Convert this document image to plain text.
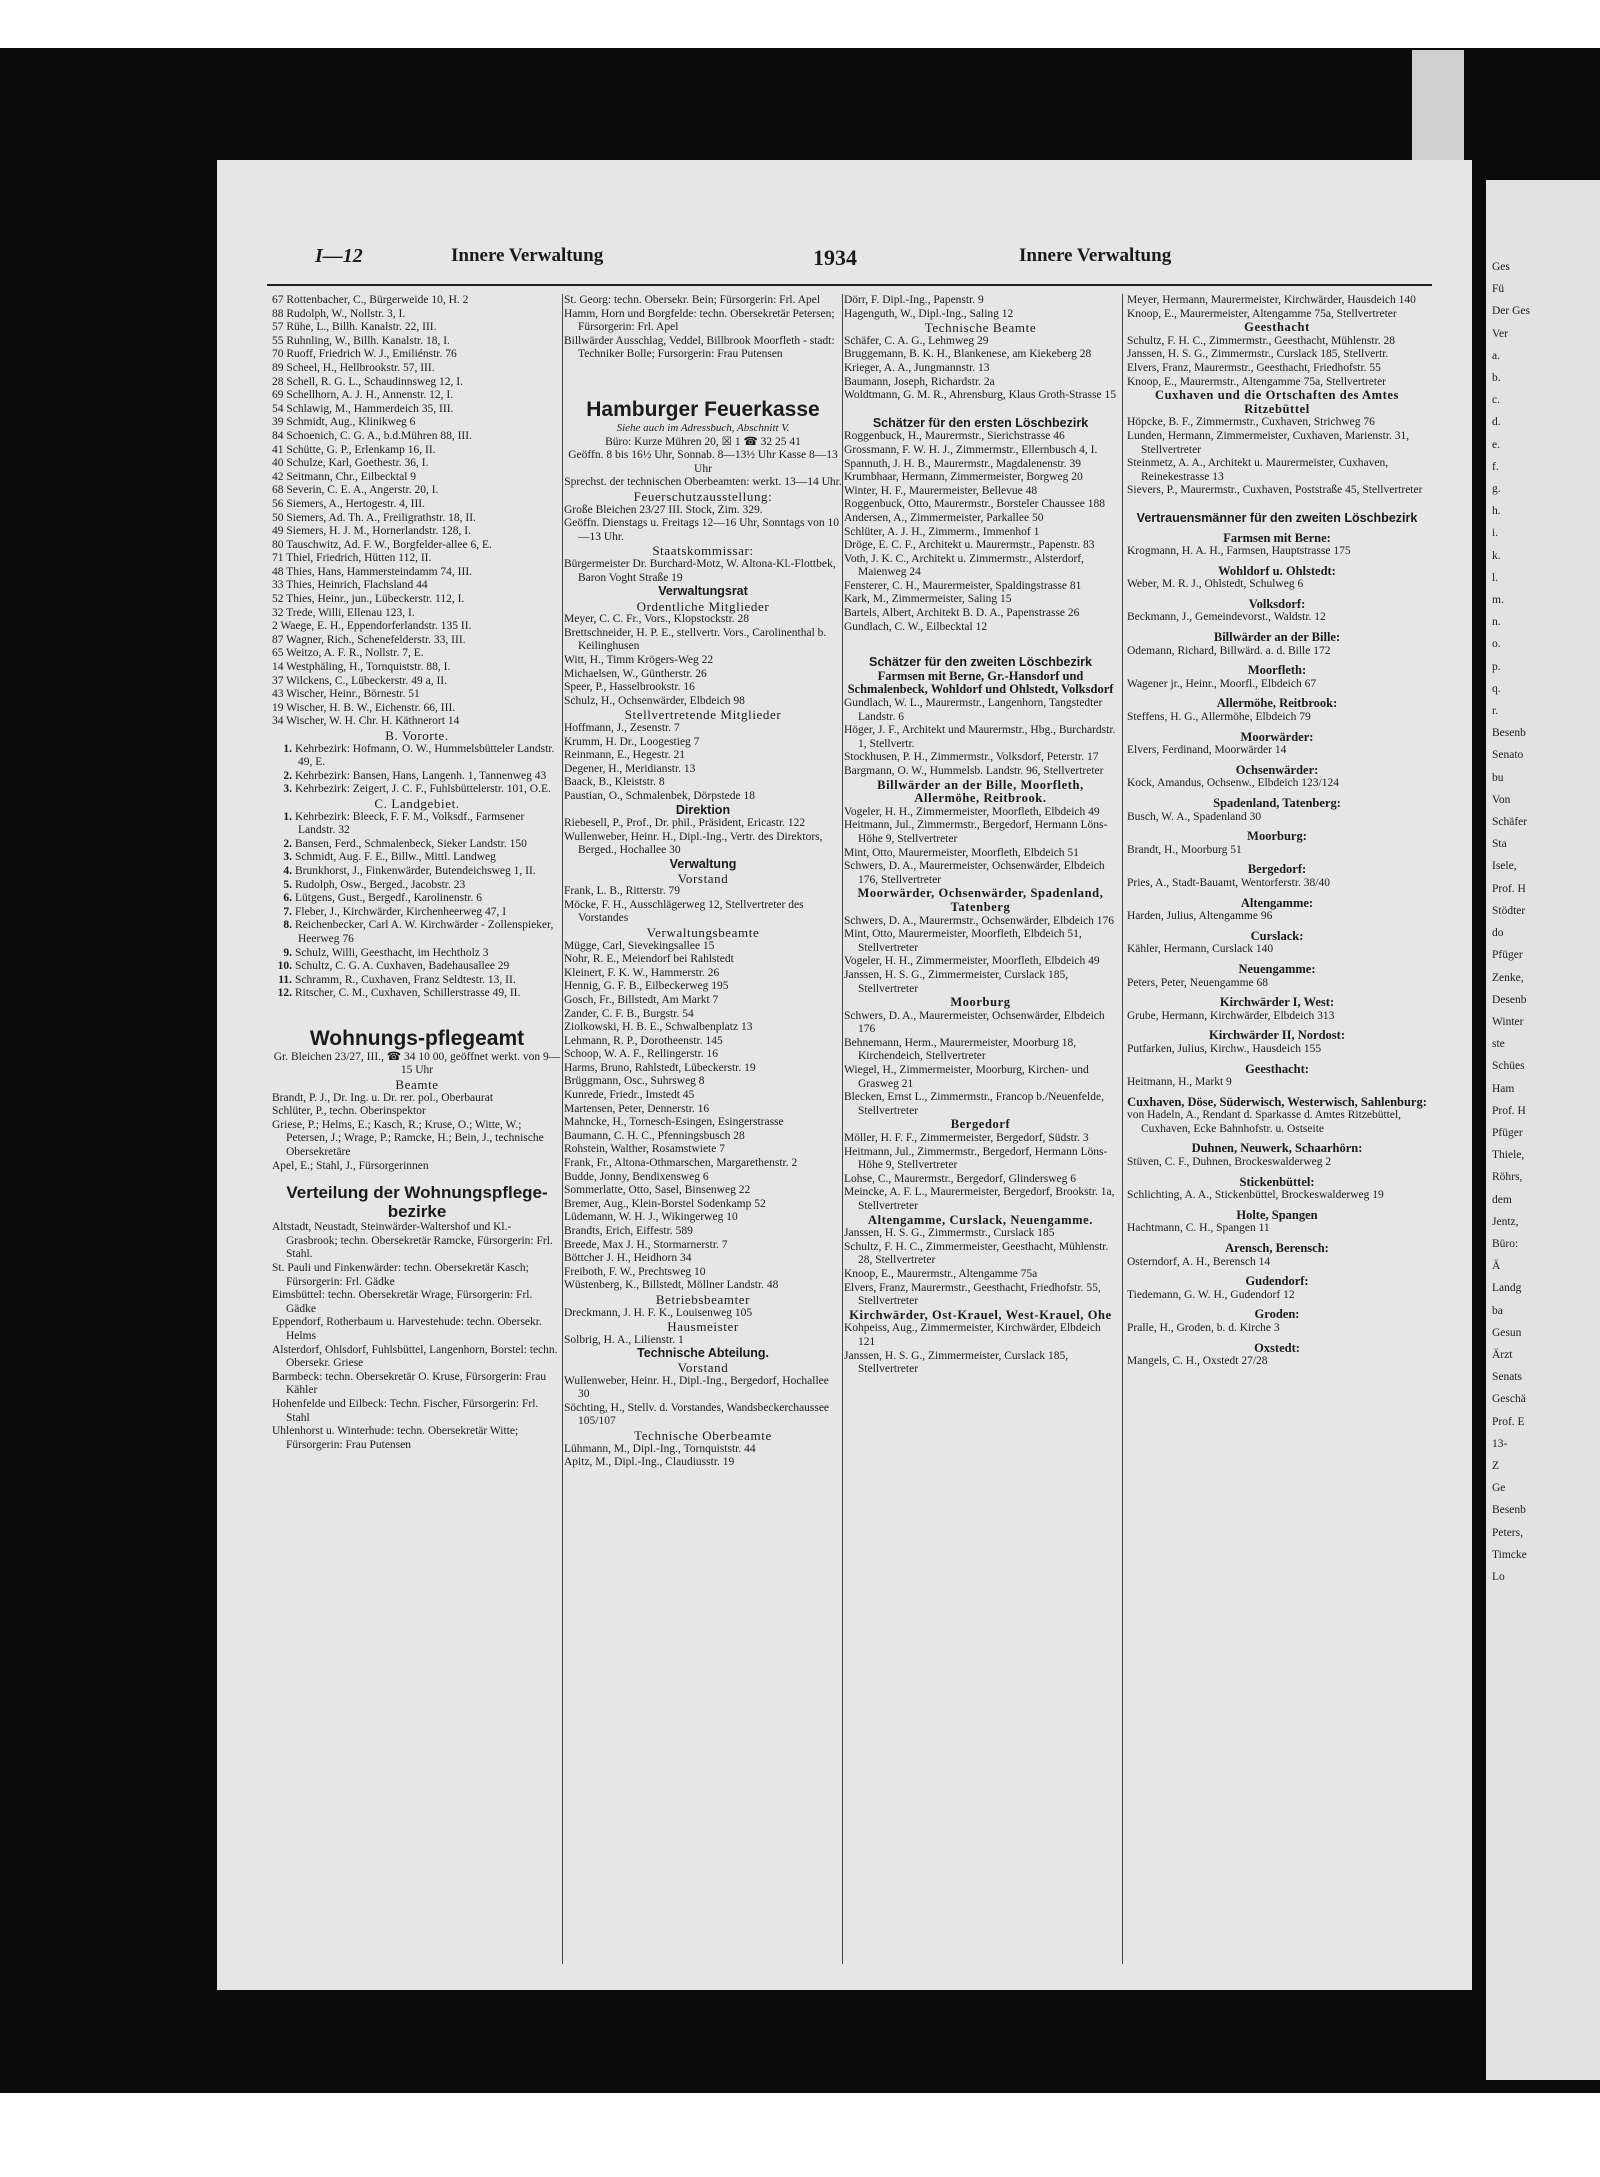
I—12	Innere Verwaltung	1934	Innere Verwaltung

67 Rottenbacher, C., Bürgerweide 10, H. 2

88 Rudolph, W., Nollstr. 3, I.

57 Rühe, L., Billh. Kanalstr. 22, III.

55 Ruhnling, W., Billh. Kanalstr. 18, I.

70 Ruoff, Friedrich W. J., Emiliénstr. 76

89 Scheel, H., Hellbrookstr. 57, III.

28 Schell, R. G. L., Schaudinnsweg 12, I.

69 Schellhorn, A. J. H., Annenstr. 12, I.

54 Schlawig, M., Hammerdeich 35, III.

39 Schmidt, Aug., Klinikweg 6

84 Schoenich, C. G. A., b.d.Mühren 88, III.

41 Schütte, G. P., Erlenkamp 16, II.

40 Schulze, Karl, Goethestr. 36, I.

42 Seitmann, Chr., Eilbecktal 9

68 Severin, C. E. A., Angerstr. 20, I.

56 Siemers, A., Hertogestr. 4, III.

50 Siemers, Ad. Th. A., Freiligrathstr. 18, II.

49 Siemers, H. J. M., Hornerlandstr. 128, I.

80 Tauschwitz, Ad. F. W., Borgfelder-allee 6, E.

71 Thiel, Friedrich, Hütten 112, II.

48 Thies, Hans, Hammersteindamm 74, III.

33 Thies, Heinrich, Flachsland 44

52 Thies, Heinr., jun., Lübeckerstr. 112, I.

32 Trede, Willi, Ellenau 123, I.

2 Waege, E. H., Eppendorferlandstr. 135 II.

87 Wagner, Rich., Schenefelderstr. 33, III.

65 Weitzo, A. F. R., Nollstr. 7, E.

14 Westphäling, H., Tornquiststr. 88, I.

37 Wilckens, C., Lübeckerstr. 49 a, II.

43 Wischer, Heinr., Börnestr. 51

19 Wischer, H. B. W., Eichenstr. 66, III.

34 Wischer, W. H. Chr. H. Käthnerort 14

B. Vororte.

1. Kehrbezirk: Hofmann, O. W., Hummelsbütteler Landstr. 49, E.

2. Kehrbezirk: Bansen, Hans, Langenh. 1, Tannenweg 43

3. Kehrbezirk: Zeigert, J. C. F., Fuhlsbüttelerstr. 101, O.E.

C. Landgebiet.

1. Kehrbezirk: Bleeck, F. F. M., Volksdf., Farmsener Landstr. 32

2. Bansen, Ferd., Schmalenbeck, Sieker Landstr. 150

3. Schmidt, Aug. F. E., Billw., Mittl. Landweg

4. Brunkhorst, J., Finkenwärder, Butendeichsweg 1, II.

5. Rudolph, Osw., Berged., Jacobstr. 23

6. Lütgens, Gust., Bergedf., Karolinenstr. 6

7. Fleber, J., Kirchwärder, Kirchenheerweg 47, I

8. Reichenbecker, Carl A. W. Kirchwärder - Zollenspieker, Heerweg 76

9. Schulz, Willi, Geesthacht, im Hechtholz 3

10. Schultz, C. G. A. Cuxhaven, Badehausallee 29

11. Schramm, R., Cuxhaven, Franz Seldtestr. 13, II.

12. Ritscher, C. M., Cuxhaven, Schillerstrasse 49, II.

Wohnungs-pflegeamt

Gr. Bleichen 23/27, III., ☎ 34 10 00, geöffnet werkt. von 9—15 Uhr

Beamte

Brandt, P. J., Dr. Ing. u. Dr. rer. pol., Oberbaurat

Schlüter, P., techn. Oberinspektor

Griese, P.; Helms, E.; Kasch, R.; Kruse, O.; Witte, W.; Petersen, J.; Wrage, P.; Ramcke, H.; Bein, J., technische Obersekretäre

Apel, E.; Stahl, J., Fürsorgerinnen

Verteilung der Wohnungspflege-bezirke

Altstadt, Neustadt, Steinwärder-Waltershof und Kl.-Grasbrook; techn. Obersekretär Ramcke, Fürsorgerin: Frl. Stahl.

St. Pauli und Finkenwärder: techn. Obersekretär Kasch; Fürsorgerin: Frl. Gädke

Eimsbüttel: techn. Obersekretär Wrage, Fürsorgerin: Frl. Gädke

Eppendorf, Rotherbaum u. Harvestehude: techn. Obersekr. Helms

Alsterdorf, Ohlsdorf, Fuhlsbüttel, Langenhorn, Borstel: techn. Obersekr. Griese

Barmbeck: techn. Obersekretär O. Kruse, Fürsorgerin: Frau Kähler

Hohenfelde und Eilbeck: Techn. Fischer, Fürsorgerin: Frl. Stahl

Uhlenhorst u. Winterhude: techn. Obersekretär Witte; Fürsorgerin: Frau Putensen

St. Georg: techn. Obersekr. Bein; Fürsorgerin: Frl. Apel

Hamm, Horn und Borgfelde: techn. Obersekretär Petersen; Fürsorgerin: Frl. Apel

Billwärder Ausschlag, Veddel, Billbrook Moorfleth - stadt: Techniker Bolle; Fursorgerin: Frau Putensen

Hamburger Feuerkasse

Siehe auch im Adressbuch, Abschnitt V.

Büro: Kurze Mühren 20, ☒ 1 ☎ 32 25 41

Geöffn. 8 bis 16½ Uhr, Sonnab. 8—13½ Uhr Kasse 8—13 Uhr

Sprechst. der technischen Oberbeamten: werkt. 13—14 Uhr.

Feuerschutzausstellung:

Große Bleichen 23/27 III. Stock, Zim. 329.

Geöffn. Dienstags u. Freitags 12—16 Uhr, Sonntags von 10—13 Uhr.

Staatskommissar:

Bürgermeister Dr. Burchard-Motz, W. Altona-Kl.-Flottbek, Baron Voght Straße 19

Verwaltungsrat

Ordentliche Mitglieder

Meyer, C. C. Fr., Vors., Klopstockstr. 28

Brettschneider, H. P. E., stellvertr. Vors., Carolinenthal b. Keilinghusen

Witt, H., Timm Krögers-Weg 22

Michaelsen, W., Güntherstr. 26

Speer, P., Hasselbrookstr. 16

Schulz, H., Ochsenwärder, Elbdeich 98

Stellvertretende Mitglieder

Hoffmann, J., Zesenstr. 7

Krumm, H. Dr., Loogestieg 7

Reinmann, E., Hegestr. 21

Degener, H., Meridianstr. 13

Baack, B., Kleiststr. 8

Paustian, O., Schmalenbek, Dörpstede 18

Direktion

Riebesell, P., Prof., Dr. phil., Präsident, Ericastr. 122

Wullenweber, Heinr. H., Dipl.-Ing., Vertr. des Direktors, Berged., Hochallee 30

Verwaltung

Vorstand

Frank, L. B., Ritterstr. 79

Möcke, F. H., Ausschlägerweg 12, Stellvertreter des Vorstandes

Verwaltungsbeamte

Mügge, Carl, Sievekingsallee 15

Nohr, R. E., Meiendorf bei Rahlstedt

Kleinert, F. K. W., Hammerstr. 26

Hennig, G. F. B., Eilbeckerweg 195

Gosch, Fr., Billstedt, Am Markt 7

Zander, C. F. B., Burgstr. 54

Ziolkowski, H. B. E., Schwalbenplatz 13

Lehmann, R. P., Dorotheenstr. 145

Schoop, W. A. F., Rellingerstr. 16

Harms, Bruno, Rahlstedt, Lübeckerstr. 19

Brüggmann, Osc., Suhrsweg 8

Kunrede, Friedr., Imstedt 45

Martensen, Peter, Dennerstr. 16

Mahncke, H., Tornesch-Esingen, Esingerstrasse

Baumann, C. H. C., Pfenningsbusch 28

Rohstein, Walther, Rosamstwiete 7

Frank, Fr., Altona-Othmarschen, Margarethenstr. 2

Budde, Jonny, Bendixensweg 6

Sommerlatte, Otto, Sasel, Binsenweg 22

Bremer, Aug., Klein-Borstel Sodenkamp 52

Lüdemann, W. H. J., Wikingerweg 10

Brandts, Erich, Eiffestr. 589

Breede, Max J. H., Stormarnerstr. 7

Böttcher J. H., Heidhorn 34

Freiboth, F. W., Prechtsweg 10

Wüstenberg, K., Billstedt, Möllner Landstr. 48

Betriebsbeamter

Dreckmann, J. H. F. K., Louisenweg 105

Hausmeister

Solbrig, H. A., Lilienstr. 1

Technische Abteilung.

Vorstand

Wullenweber, Heinr. H., Dipl.-Ing., Bergedorf, Hochallee 30

Söchting, H., Stellv. d. Vorstandes, Wandsbeckerchaussee 105/107

Technische Oberbeamte

Lühmann, M., Dipl.-Ing., Tornquiststr. 44

Apitz, M., Dipl.-Ing., Claudiusstr. 19

Dörr, F. Dipl.-Ing., Papenstr. 9

Hagenguth, W., Dipl.-Ing., Saling 12

Technische Beamte

Schäfer, C. A. G., Lehmweg 29

Bruggemann, B. K. H., Blankenese, am Kiekeberg 28

Krieger, A. A., Jungmannstr. 13

Baumann, Joseph, Richardstr. 2a

Woldtmann, G. M. R., Ahrensburg, Klaus Groth-Strasse 15

Schätzer für den ersten Löschbezirk

Roggenbuck, H., Maurermstr., Sierichstrasse 46

Grossmann, F. W. H. J., Zimmermstr., Ellernbusch 4, I.

Spannuth, J. H. B., Maurermstr., Magdalenenstr. 39

Krumbhaar, Hermann, Zimmermeister, Borgweg 20

Winter, H. F., Maurermeister, Bellevue 48

Roggenbuck, Otto, Maurermstr., Borsteler Chaussee 188

Andersen, A., Zimmermeister, Parkallee 50

Schlüter, A. J. H., Zimmerm., Immenhof 1

Dröge, E. C. F., Architekt u. Maurermstr., Papenstr. 83

Voth, J. K. C., Architekt u. Zimmermstr., Alsterdorf, Maienweg 24

Fensterer, C. H., Maurermeister, Spaldingstrasse 81

Kark, M., Zimmermeister, Saling 15

Bartels, Albert, Architekt B. D. A., Papenstrasse 26

Gundlach, C. W., Eilbecktal 12

Schätzer für den zweiten Löschbezirk

Farmsen mit Berne, Gr.-Hansdorf und Schmalenbeck, Wohldorf und Ohlstedt, Volksdorf

Gundlach, W. L., Maurermstr., Langenhorn, Tangstedter Landstr. 6

Höger, J. F., Architekt und Maurermstr., Hbg., Burchardstr. 1, Stellvertr.

Stockhusen, P. H., Zimmermstr., Volksdorf, Peterstr. 17

Bargmann, O. W., Hummelsb. Landstr. 96, Stellvertreter

Billwärder an der Bille, Moorfleth, Allermöhe, Reitbrook.

Vogeler, H. H., Zimmermeister, Moorfleth, Elbdeich 49

Heitmann, Jul., Zimmermstr., Bergedorf, Hermann Löns-Höhe 9, Stellvertreter

Mint, Otto, Maurermeister, Moorfleth, Elbdeich 51

Schwers, D. A., Maurermeister, Ochsenwärder, Elbdeich 176, Stellvertreter

Moorwärder, Ochsenwärder, Spadenland, Tatenberg

Schwers, D. A., Maurermstr., Ochsenwärder, Elbdeich 176

Mint, Otto, Maurermeister, Moorfleth, Elbdeich 51, Stellvertreter

Vogeler, H. H., Zimmermeister, Moorfleth, Elbdeich 49

Janssen, H. S. G., Zimmermeister, Curslack 185, Stellvertreter

Moorburg

Schwers, D. A., Maurermeister, Ochsenwärder, Elbdeich 176

Behnemann, Herm., Maurermeister, Moorburg 18, Kirchendeich, Stellvertreter

Wiegel, H., Zimmermeister, Moorburg, Kirchen- und Grasweg 21

Blecken, Ernst L., Zimmermstr., Francop b./Neuenfelde, Stellvertreter

Bergedorf

Möller, H. F. F., Zimmermeister, Bergedorf, Südstr. 3

Heitmann, Jul., Zimmermstr., Bergedorf, Hermann Löns-Höhe 9, Stellvertreter

Lohse, C., Maurermstr., Bergedorf, Glindersweg 6

Meincke, A. F. L., Maurermeister, Bergedorf, Brookstr. 1a, Stellvertreter

Altengamme, Curslack, Neuengamme.

Janssen, H. S. G., Zimmermstr., Curslack 185

Schultz, F. H. C., Zimmermeister, Geesthacht, Mühlenstr. 28, Stellvertreter

Knoop, E., Maurermstr., Altengamme 75a

Elvers, Franz, Maurermstr., Geesthacht, Friedhofstr. 55, Stellvertreter

Kirchwärder, Ost-Krauel, West-Krauel, Ohe

Kohpeiss, Aug., Zimmermeister, Kirchwärder, Elbdeich 121

Janssen, H. S. G., Zimmermeister, Curslack 185, Stellvertreter

Meyer, Hermann, Maurermeister, Kirchwärder, Hausdeich 140

Knoop, E., Maurermeister, Altengamme 75a, Stellvertreter

Geesthacht

Schultz, F. H. C., Zimmermstr., Geesthacht, Mühlenstr. 28

Janssen, H. S. G., Zimmermstr., Curslack 185, Stellvertr.

Elvers, Franz, Maurermstr., Geesthacht, Friedhofstr. 55

Knoop, E., Maurermstr., Altengamme 75a, Stellvertreter

Cuxhaven und die Ortschaften des Amtes Ritzebüttel

Höpcke, B. F., Zimmermstr., Cuxhaven, Strichweg 76

Lunden, Hermann, Zimmermeister, Cuxhaven, Marienstr. 31, Stellvertreter

Steinmetz, A. A., Architekt u. Maurermeister, Cuxhaven, Reinekestrasse 13

Sievers, P., Maurermstr., Cuxhaven, Poststraße 45, Stellvertreter

Vertrauensmänner für den zweiten Löschbezirk

Farmsen mit Berne:

Krogmann, H. A. H., Farmsen, Hauptstrasse 175

Wohldorf u. Ohlstedt:

Weber, M. R. J., Ohlstedt, Schulweg 6

Volksdorf:

Beckmann, J., Gemeindevorst., Waldstr. 12

Billwärder an der Bille:

Odemann, Richard, Billwärd. a. d. Bille 172

Moorfleth:

Wagener jr., Heinr., Moorfl., Elbdeich 67

Allermöhe, Reitbrook:

Steffens, H. G., Allermöhe, Elbdeich 79

Moorwärder:

Elvers, Ferdinand, Moorwärder 14

Ochsenwärder:

Kock, Amandus, Ochsenw., Elbdeich 123/124

Spadenland, Tatenberg:

Busch, W. A., Spadenland 30

Moorburg:

Brandt, H., Moorburg 51

Bergedorf:

Pries, A., Stadt-Bauamt, Wentorferstr. 38/40

Altengamme:

Harden, Julius, Altengamme 96

Curslack:

Kähler, Hermann, Curslack 140

Neuengamme:

Peters, Peter, Neuengamme 68

Kirchwärder I, West:

Grube, Hermann, Kirchwärder, Elbdeich 313

Kirchwärder II, Nordost:

Putfarken, Julius, Kirchw., Hausdeich 155

Geesthacht:

Heitmann, H., Markt 9

Cuxhaven, Döse, Süderwisch, Westerwisch, Sahlenburg:

von Hadeln, A., Rendant d. Sparkasse d. Amtes Ritzebüttel, Cuxhaven, Ecke Bahnhofstr. u. Ostseite

Duhnen, Neuwerk, Schaarhörn:

Stüven, C. F., Duhnen, Brockeswalderweg 2

Stickenbüttel:

Schlichting, A. A., Stickenbüttel, Brockeswalderweg 19

Holte, Spangen

Hachtmann, C. H., Spangen 11

Arensch, Berensch:

Osterndorf, A. H., Berensch 14

Gudendorf:

Tiedemann, G. W. H., Gudendorf 12

Groden:

Pralle, H., Groden, b. d. Kirche 3

Oxstedt:

Mangels, C. H., Oxstedt 27/28

Ges
Fü
Der Ges
Ver
a.
b.
c.
d.
e.
f.
g.
h.
i.
k.
l.
m.
n.
o.
p.
q.
r.
Besenb
Senato
bu
Von
Schäfer
Sta
Isele,
Prof. H
Stödter
do
Pfüger
Zenke,
Desenb
Winter
ste
Schües
Ham
Prof. H
Pfüger
Thiele,
Röhrs,
dem
Jentz,
Büro:
Ä
Landg
ba
Gesun
Ärzt
Senats
Geschä
Prof. E
13-
Z
Ge
Besenb
Peters,
Timcke
Lo
